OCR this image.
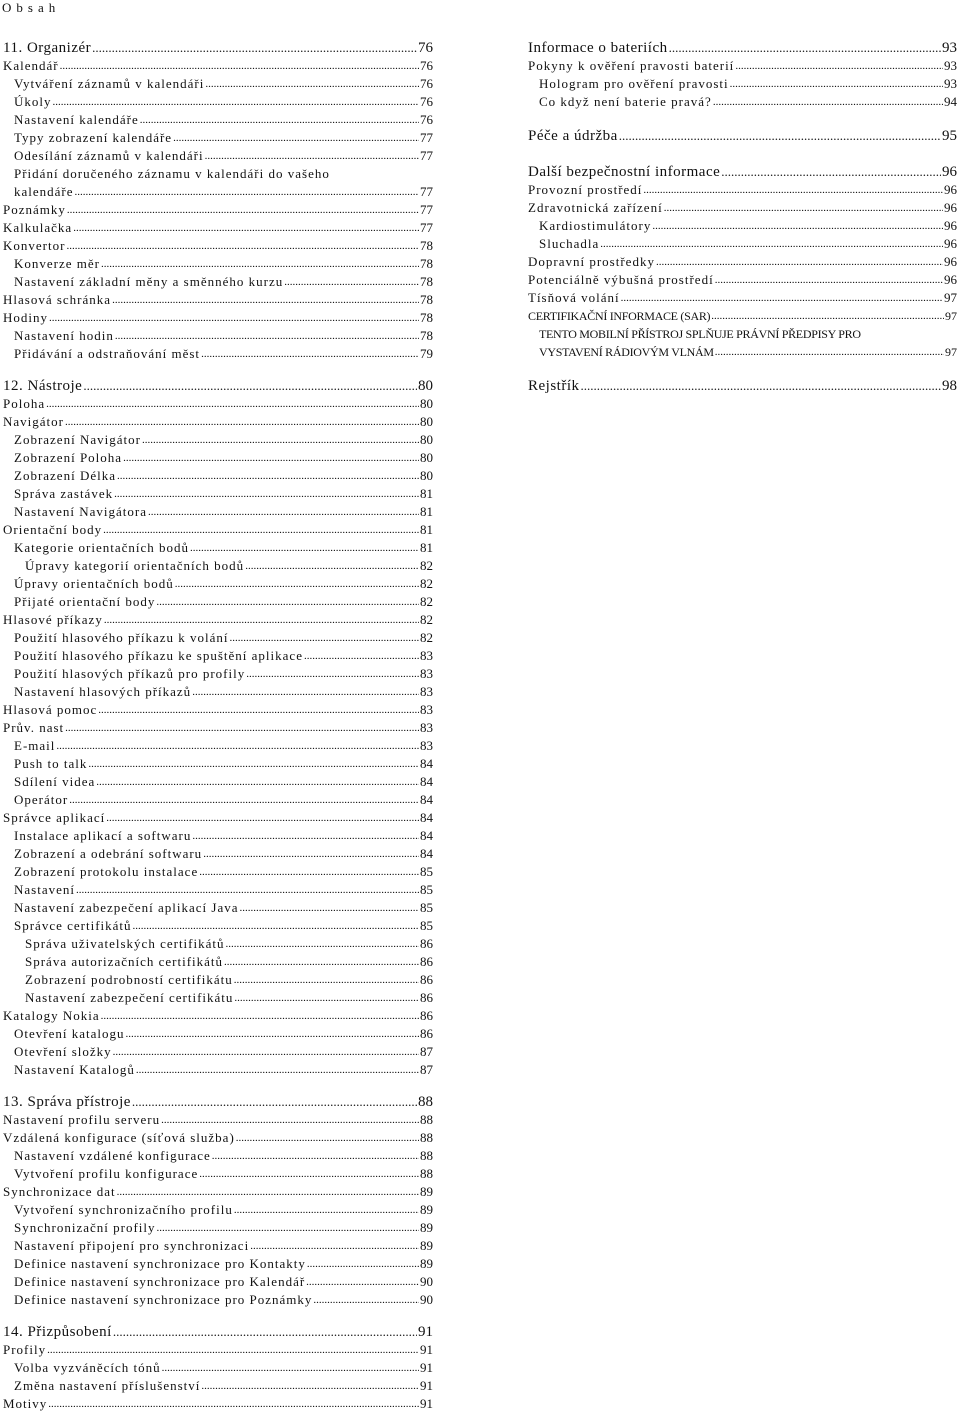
Obsah
11. Organizér .....	76
Kalendář .....	76
Vytváření záznamů v kalendáři .....	76
Úkoly .....	76
Nastavení kalendáře .....	76
Typy zobrazení kalendáře .....	77
Odesílání záznamů v kalendáři .....	77
Přidání doručeného záznamu v kalendáři do vašeho
kalendáře .....	77
Poznámky .....	77
Kalkulačka .....	77
Konvertor .....	78
Konverze měr .....	78
Nastavení základní měny a směnného kurzu .....	78
Hlasová schránka .....	78
Hodiny .....	78
Nastavení hodin .....	78
Přidávání a odstraňování měst .....	79
12. Nástroje .....	80
Poloha .....	80
Navigátor .....	80
Zobrazení Navigátor .....	80
Zobrazení Poloha .....	80
Zobrazení Délka .....	80
Správa zastávek .....	81
Nastavení Navigátora .....	81
Orientační body .....	81
Kategorie orientačních bodů .....	81
Úpravy kategorií orientačních bodů .....	82
Úpravy orientačních bodů .....	82
Přijaté orientační body .....	82
Hlasové příkazy .....	82
Použití hlasového příkazu k volání .....	82
Použití hlasového příkazu ke spuštění aplikace .....	83
Použití hlasových příkazů pro profily .....	83
Nastavení hlasových příkazů .....	83
Hlasová pomoc .....	83
Prův. nast .....	83
E-mail .....	83
Push to talk .....	84
Sdílení videa .....	84
Operátor .....	84
Správce aplikací .....	84
Instalace aplikací a softwaru .....	84
Zobrazení a odebrání softwaru .....	84
Zobrazení protokolu instalace .....	85
Nastavení .....	85
Nastavení zabezpečení aplikací Java .....	85
Správce certifikátů .....	85
Správa uživatelských certifikátů .....	86
Správa autorizačních certifikátů .....	86
Zobrazení podrobností certifikátu .....	86
Nastavení zabezpečení certifikátu .....	86
Katalogy Nokia .....	86
Otevření katalogu .....	86
Otevření složky .....	87
Nastavení Katalogů .....	87
13. Správa přístroje .....	88
Nastavení profilu serveru .....	88
Vzdálená konfigurace (síťová služba) .....	88
Nastavení vzdálené konfigurace .....	88
Vytvoření profilu konfigurace .....	88
Synchronizace dat .....	89
Vytvoření synchronizačního profilu .....	89
Synchronizační profily .....	89
Nastavení připojení pro synchronizaci .....	89
Definice nastavení synchronizace pro Kontakty .....	89
Definice nastavení synchronizace pro Kalendář .....	90
Definice nastavení synchronizace pro Poznámky .....	90
14. Přizpůsobení .....	91
Profily .....	91
Volba vyzváněcích tónů .....	91
Změna nastavení příslušenství .....	91
Motivy .....	91
Informace o bateriích .....	93
Pokyny k ověření pravosti baterií .....	93
Hologram pro ověření pravosti .....	93
Co když není baterie pravá? .....	94
Péče a údržba .....	95
Další bezpečnostní informace .....	96
Provozní prostředí .....	96
Zdravotnická zařízení .....	96
Kardiostimulátory .....	96
Sluchadla .....	96
Dopravní prostředky .....	96
Potenciálně výbušná prostředí .....	96
Tísňová volání .....	97
CERTIFIKAČNÍ INFORMACE (SAR) .....	97
TENTO MOBILNÍ PŘÍSTROJ SPLŇUJE PRÁVNÍ PŘEDPISY PRO
VYSTAVENÍ RÁDIOVÝM VLNÁM .....	97
Rejstřík .....	98
